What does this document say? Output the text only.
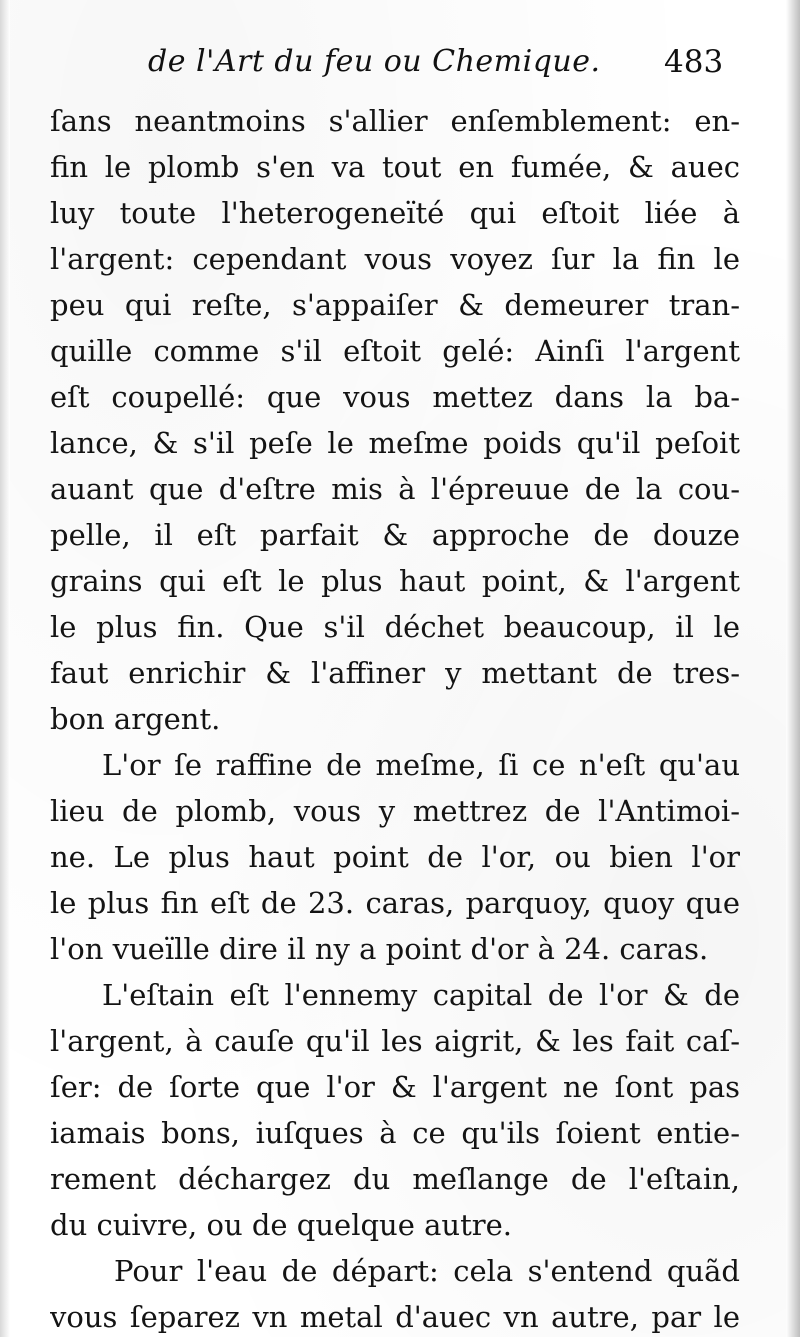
de l'Art du feu ou Chemique. 483
ſans neantmoins s'allier enſemblement: en-
fin le plomb s'en va tout en fumée, & auec
luy toute l'heterogeneïté qui eſtoit liée à
l'argent: cependant vous voyez ſur la fin le
peu qui reſte, s'appaiſer & demeurer tran-
quille comme s'il eſtoit gelé: Ainſi l'argent
eſt coupellé: que vous mettez dans la ba-
lance, & s'il peſe le meſme poids qu'il peſoit
auant que d'eſtre mis à l'épreuue de la cou-
pelle, il eſt parfait & approche de douze
grains qui eſt le plus haut point, & l'argent
le plus fin. Que s'il déchet beaucoup, il le
faut enrichir & l'affiner y mettant de tres-
bon argent.
L'or ſe raffine de meſme, ſi ce n'eſt qu'au
lieu de plomb, vous y mettrez de l'Antimoi-
ne. Le plus haut point de l'or, ou bien l'or
le plus fin eſt de 23. caras, parquoy, quoy que
l'on vueïlle dire il ny a point d'or à 24. caras.
L'eſtain eſt l'ennemy capital de l'or & de
l'argent, à cauſe qu'il les aigrit, & les fait caſ-
ſer: de ſorte que l'or & l'argent ne ſont pas
iamais bons, iuſques à ce qu'ils ſoient entie-
rement déchargez du meſlange de l'eſtain,
du cuivre, ou de quelque autre.
Pour l'eau de départ: cela s'entend quãd
vous ſeparez vn metal d'auec vn autre, par le
